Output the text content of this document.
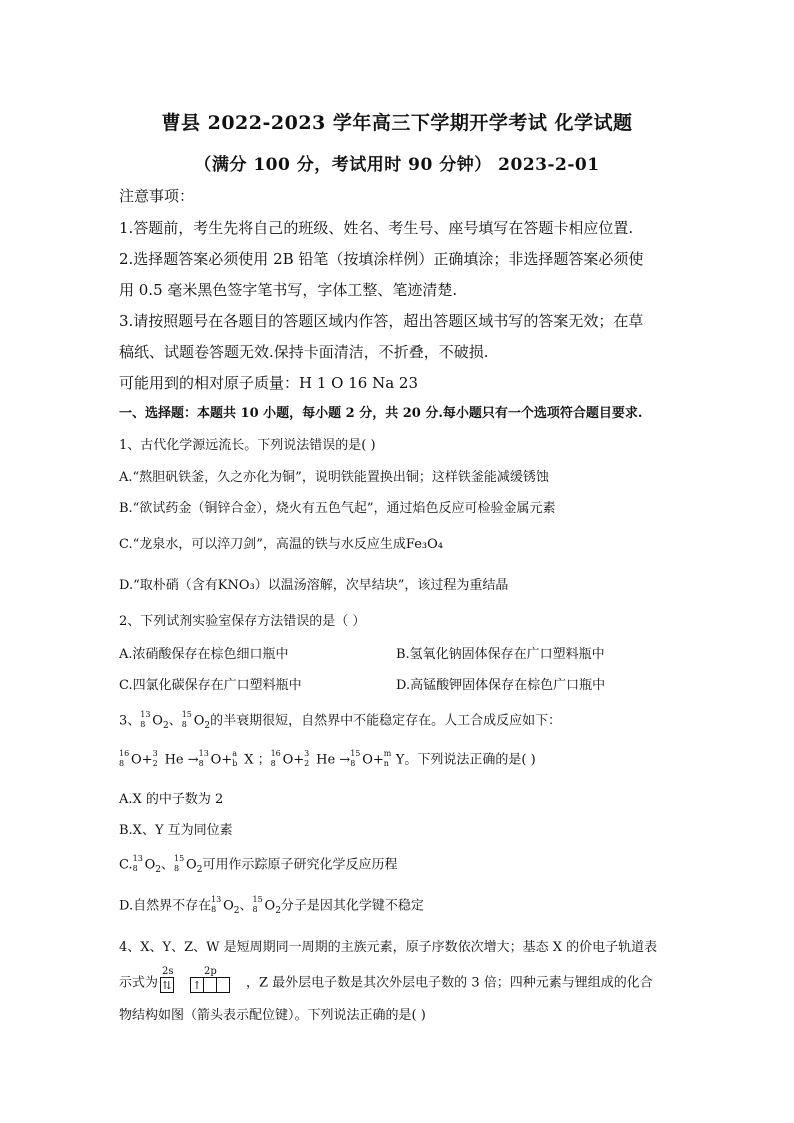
曹县 2022-2023 学年高三下学期开学考试 化学试题
（满分 100 分，考试用时 90 分钟） 2023-2-01
注意事项：
1.答题前，考生先将自己的班级、姓名、考生号、座号填写在答题卡相应位置.
2.选择题答案必须使用 2B 铅笔（按填涂样例）正确填涂；非选择题答案必须使
用 0.5 毫米黑色签字笔书写，字体工整、笔迹清楚.
3.请按照题号在各题目的答题区域内作答，超出答题区域书写的答案无效；在草
稿纸、试题卷答题无效.保持卡面清洁，不折叠，不破损.
可能用到的相对原子质量：H 1 O 16 Na 23
一、选择题：本题共 10 小题，每小题 2 分，共 20 分.每小题只有一个选项符合题目要求.
1、古代化学源远流长。下列说法错误的是( )
A.“熬胆矾铁釜，久之亦化为铜”，说明铁能置换出铜；这样铁釜能减缓锈蚀
B.“欲试药金（铜锌合金），烧火有五色气起”，通过焰色反应可检验金属元素
C.“龙泉水，可以淬刀剑”，高温的铁与水反应生成Fe₃O₄
D.“取朴硝（含有KNO₃）以温汤溶解，次早结块”，该过程为重结晶
2、下列试剂实验室保存方法错误的是（ ）
A.浓硝酸保存在棕色细口瓶中	B.氢氧化钠固体保存在广口塑料瓶中
C.四氯化碳保存在广口塑料瓶中	D.高锰酸钾固体保存在棕色广口瓶中
3、 13
8 $O_2$、 15
8 $O_2$的半衰期很短，自然界中不能稳定存在。人工合成反应如下：
16
8 O+ 3
2 He → 13
8 O+ a
b X ； 16
8 O+ 3
2 He → 15
8 O+ m
n Y。下列说法正确的是( )
A.X 的中子数为 2
B.X、Y 互为同位素
C. 13
8 $O_2$、 15
8 $O_2$可用作示踪原子研究化学反应历程
D.自然界不存在 13
8 $O_2$、 15
8 $O_2$分子是因其化学键不稳定
4、X、Y、Z、W 是短周期同一周期的主族元素，原子序数依次增大；基态 X 的价电子轨道表
示式为
2s	2p
⇅ ↑	，Z 最外层电子数是其次外层电子数的 3 倍；四种元素与锂组成的化合
物结构如图（箭头表示配位键）。下列说法正确的是( )
